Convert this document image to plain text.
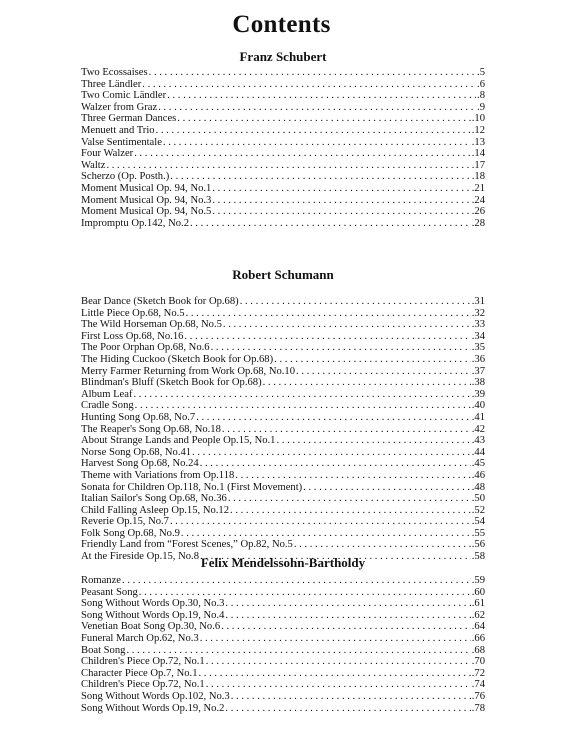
Contents
Franz Schubert
Two Ecossaises . . .	.5
Three Ländler . . .	.6
Two Comic Ländler . . .	.8
Walzer from Graz . . .	.9
Three German Dances . . .	.10
Menuett and Trio . . .	.12
Valse Sentimentale . . .	.13
Four Walzer . . .	.14
Waltz . . .	.17
Scherzo (Op. Posth.) . . .	.18
Moment Musical Op. 94, No.1 . . .	.21
Moment Musical Op. 94, No.3 . . .	.24
Moment Musical Op. 94, No.5 . . .	.26
Impromptu Op.142, No.2 . . .	.28
Robert Schumann
Bear Dance (Sketch Book for Op.68) . . .	.31
Little Piece Op.68, No.5 . . .	.32
The Wild Horseman Op.68, No.5 . . .	.33
First Loss Op.68, No.16 . . .	.34
The Poor Orphan Op.68, No.6 . . .	.35
The Hiding Cuckoo (Sketch Book for Op.68) . . .	.36
Merry Farmer Returning from Work Op.68, No.10 . . .	.37
Blindman's Bluff (Sketch Book for Op.68) . . .	.38
Album Leaf . . .	.39
Cradle Song . . .	.40
Hunting Song Op.68, No.7 . . .	.41
The Reaper's Song Op.68, No.18 . . .	.42
About Strange Lands and People Op.15, No.1 . . .	.43
Norse Song Op.68, No.41 . . .	.44
Harvest Song Op.68, No.24 . . .	.45
Theme with Variations from Op.118 . . .	.46
Sonata for Children Op.118, No.1 (First Movement) . . .	.48
Italian Sailor's Song Op.68, No.36 . . .	.50
Child Falling Asleep Op.15, No.12 . . .	.52
Reverie Op.15, No.7 . . .	.54
Folk Song Op.68, No.9 . . .	.55
Friendly Land from “Forest Scenes,” Op.82, No.5 . . .	.56
At the Fireside Op.15, No.8 . . .	.58
Felix Mendelssohn-Bartholdy
Romanze . . .	.59
Peasant Song . . .	.60
Song Without Words Op.30, No.3 . . .	.61
Song Without Words Op.19, No.4 . . .	.62
Venetian Boat Song Op.30, No.6 . . .	.64
Funeral March Op.62, No.3 . . .	.66
Boat Song . . .	.68
Children's Piece Op.72, No.1 . . .	.70
Character Piece Op.7, No.1 . . .	.72
Children's Piece Op.72, No.1 . . .	.74
Song Without Words Op.102, No.3 . . .	.76
Song Without Words Op.19, No.2 . . .	.78
